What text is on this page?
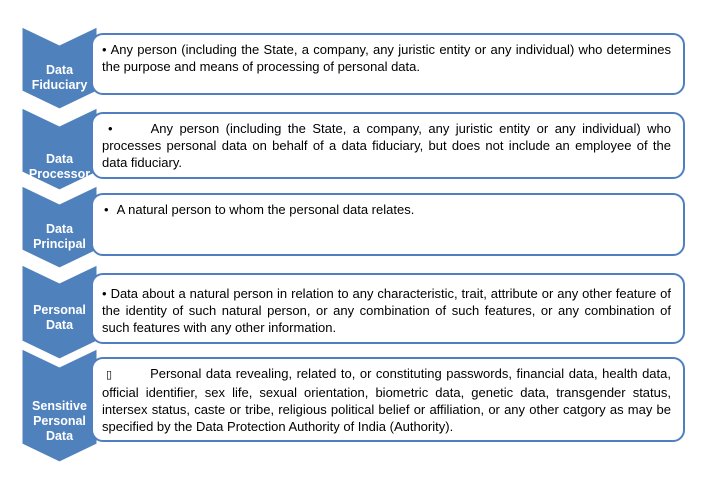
Data
Fiduciary
• Any person (including the State, a company, any juristic entity or any individual) who determines the purpose and means of processing of personal data.
Data
Processor
•	Any person (including the State, a company, any juristic entity or any individual) who processes personal data on behalf of a data fiduciary, but does not include an employee of the data fiduciary.
Data
Principal
• A natural person to whom the personal data relates.
Personal
Data
• Data about a natural person in relation to any characteristic, trait, attribute or any other feature of the identity of such natural person, or any combination of such features, or any combination of such features with any other information.
Sensitive
Personal
Data
▯	Personal data revealing, related to, or constituting passwords, financial data, health data, official identifier, sex life, sexual orientation, biometric data, genetic data, transgender status, intersex status, caste or tribe, religious political belief or affiliation, or any other catgory as may be specified by the Data Protection Authority of India (Authority).
